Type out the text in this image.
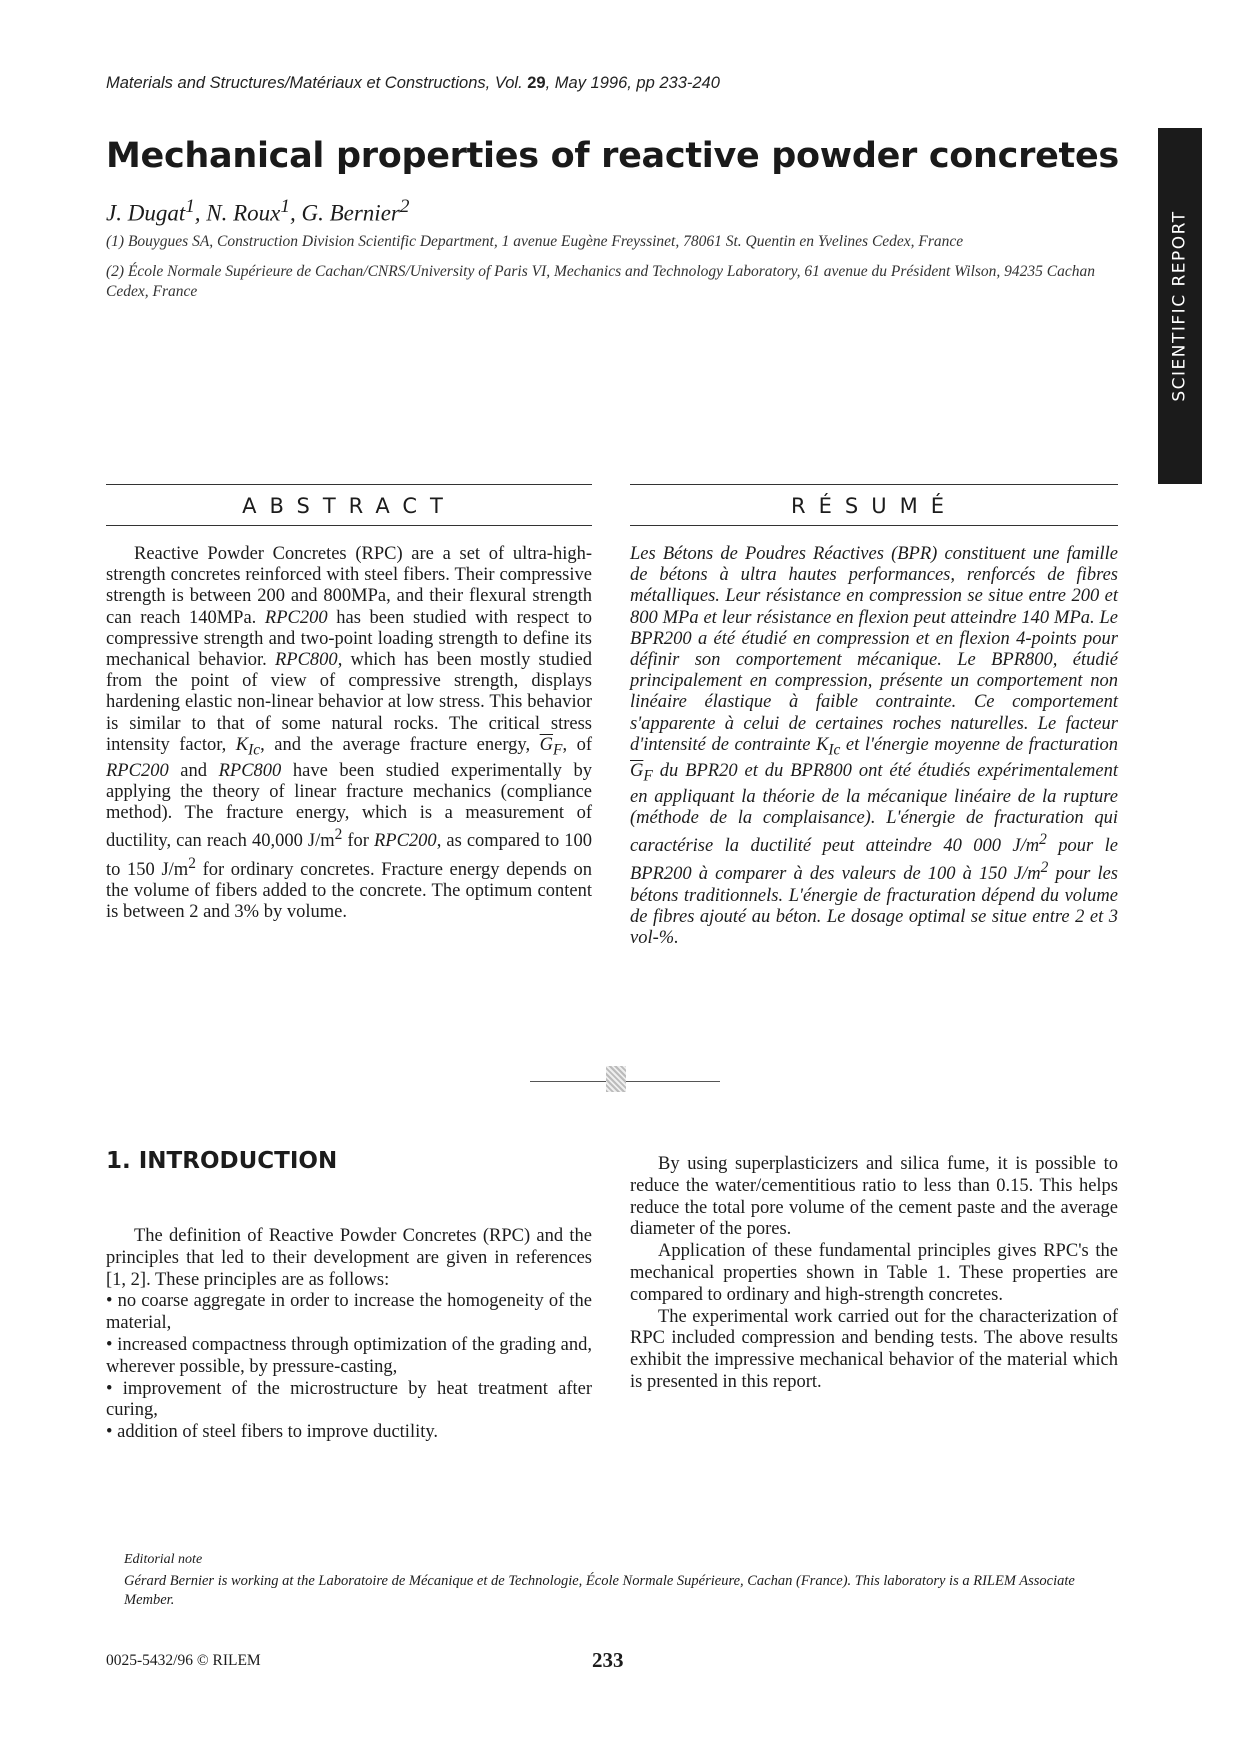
Materials and Structures/Matériaux et Constructions, Vol. 29, May 1996, pp 233-240
Mechanical properties of reactive powder concretes
J. Dugat$^1$, N. Roux$^1$, G. Bernier$^2$
(1) Bouygues SA, Construction Division Scientific Department, 1 avenue Eugène Freyssinet, 78061 St. Quentin en Yvelines Cedex, France
(2) École Normale Supérieure de Cachan/CNRS/University of Paris VI, Mechanics and Technology Laboratory, 61 avenue du Président Wilson, 94235 Cachan Cedex, France	SCIENTIFIC REPORT
ABSTRACT	RÉSUMÉ

Reactive Powder Concretes (RPC) are a set of ultra-high-strength concretes reinforced with steel fibers. Their compressive strength is between 200 and 800MPa, and their flexural strength can reach 140MPa. RPC200 has been studied with respect to compressive strength and two-point loading strength to define its mechanical behavior. RPC800, which has been mostly studied from the point of view of compressive strength, displays hardening elastic non-linear behavior at low stress. This behavior is similar to that of some natural rocks. The critical stress intensity factor, $K_{Ic}$, and the average fracture energy, $\overline{G}_F$, of RPC200 and RPC800 have been studied experimentally by applying the theory of linear fracture mechanics (compliance method). The fracture energy, which is a measurement of ductility, can reach 40,000 $J/m^2$ for RPC200, as compared to 100 to 150 $J/m^2$ for ordinary concretes. Fracture energy depends on the volume of fibers added to the concrete. The optimum content is between 2 and 3% by volume.

Les Bétons de Poudres Réactives (BPR) constituent une famille de bétons à ultra hautes performances, renforcés de fibres métalliques. Leur résistance en compression se situe entre 200 et 800 MPa et leur résistance en flexion peut atteindre 140 MPa. Le BPR200 a été étudié en compression et en flexion 4-points pour définir son comportement mécanique. Le BPR800, étudié principalement en compression, présente un comportement non linéaire élastique à faible contrainte. Ce comportement s'apparente à celui de certaines roches naturelles. Le facteur d'intensité de contrainte $K_{Ic}$ et l'énergie moyenne de fracturation $\overline{G}_F$ du BPR20 et du BPR800 ont été étudiés expérimentalement en appliquant la théorie de la mécanique linéaire de la rupture (méthode de la complaisance). L'énergie de fracturation qui caractérise la ductilité peut atteindre 40 000 $J/m^2$ pour le BPR200 à comparer à des valeurs de 100 à 150 $J/m^2$ pour les bétons traditionnels. L'énergie de fracturation dépend du volume de fibres ajouté au béton. Le dosage optimal se situe entre 2 et 3 vol-%.

1. INTRODUCTION

The definition of Reactive Powder Concretes (RPC) and the principles that led to their development are given in references [1, 2]. These principles are as follows:

• no coarse aggregate in order to increase the homogeneity of the material,

• increased compactness through optimization of the grading and, wherever possible, by pressure-casting,

• improvement of the microstructure by heat treatment after curing,

• addition of steel fibers to improve ductility.

By using superplasticizers and silica fume, it is possible to reduce the water/cementitious ratio to less than 0.15. This helps reduce the total pore volume of the cement paste and the average diameter of the pores.

Application of these fundamental principles gives RPC's the mechanical properties shown in Table 1. These properties are compared to ordinary and high-strength concretes.

The experimental work carried out for the characterization of RPC included compression and bending tests. The above results exhibit the impressive mechanical behavior of the material which is presented in this report.

Editorial note
Gérard Bernier is working at the Laboratoire de Mécanique et de Technologie, École Normale Supérieure, Cachan (France). This laboratory is a RILEM Associate Member.
0025-5432/96 © RILEM	233
